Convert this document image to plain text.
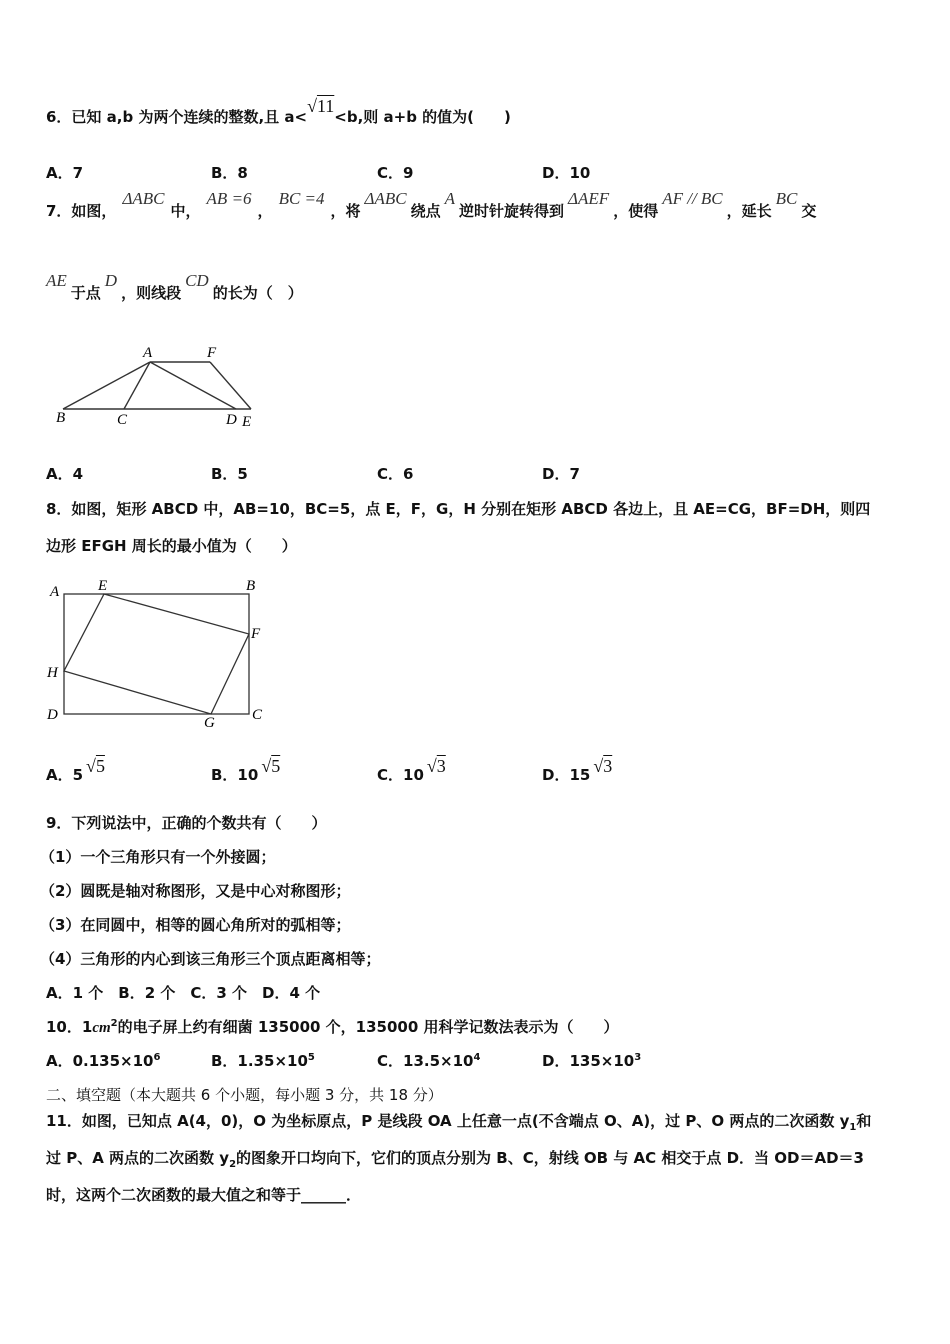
6．已知 a,b 为两个连续的整数,且 a<√11<b,则 a+b 的值为(　　)
A．7	B．8	C．9	D．10
7．如图，ΔABC中，AB =6，BC =4，将ΔABC绕点A逆时针旋转得到ΔAEF，使得AF // BC，延长BC交
AE于点D，则线段CD的长为（　）
A	F
B	C	D E
A．4	B．5	C．6	D．7
8．如图，矩形 ABCD 中，AB=10，BC=5，点 E，F，G，H 分别在矩形 ABCD 各边上，且 AE=CG，BF=DH，则四
边形 EFGH 周长的最小值为（　　）
A	E	B
F
H
D	G C
A．5 √5	B．10 √5	C．10 √3	D．15 √3
9．下列说法中，正确的个数共有（　　）
（1）一个三角形只有一个外接圆；
（2）圆既是轴对称图形，又是中心对称图形；
（3）在同圆中，相等的圆心角所对的弧相等；
（4）三角形的内心到该三角形三个顶点距离相等；
A．1 个　B．2 个　C．3 个　D．4 个
10．$1cm^2$的电子屏上约有细菌 135000 个，135000 用科学记数法表示为（　　）
A．$0.135\times 10^6$	B．$1.35\times 10^5$	C．$13.5\times 10^4$	D．$135\times 10^3$
二、填空题（本大题共 6 个小题，每小题 3 分，共 18 分）
11．如图，已知点 A(4，0)，O 为坐标原点，P 是线段 OA 上任意一点(不含端点 O、A)，过 P、O 两点的二次函数 $y_1$和
过 P、A 两点的二次函数 $y_2$的图象开口均向下，它们的顶点分别为 B、C，射线 OB 与 AC 相交于点 D．当 OD＝AD＝3
时，这两个二次函数的最大值之和等于______．
